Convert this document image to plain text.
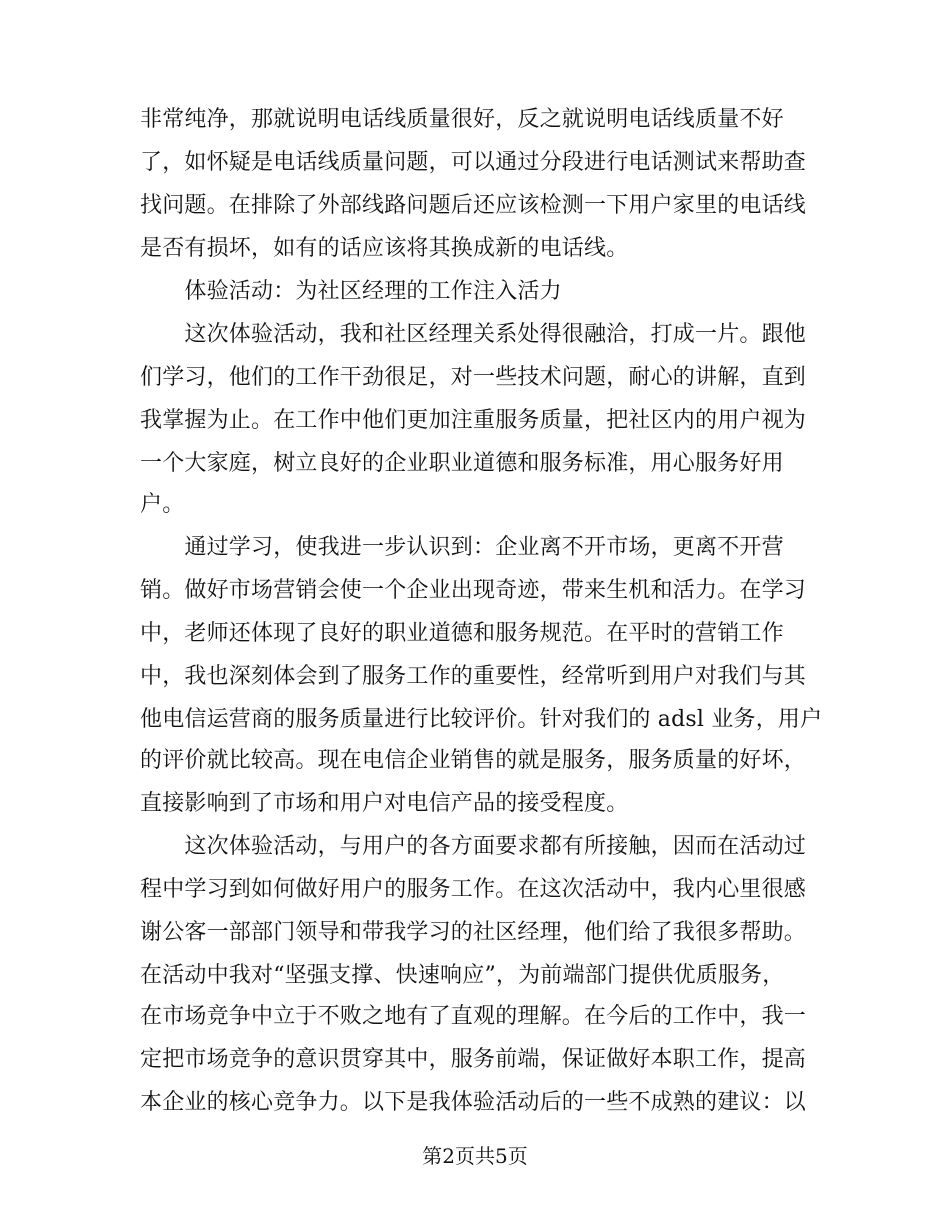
非常纯净，那就说明电话线质量很好，反之就说明电话线质量不好
了，如怀疑是电话线质量问题，可以通过分段进行电话测试来帮助查
找问题。在排除了外部线路问题后还应该检测一下用户家里的电话线
是否有损坏，如有的话应该将其换成新的电话线。
　　体验活动：为社区经理的工作注入活力
　　这次体验活动，我和社区经理关系处得很融洽，打成一片。跟他
们学习，他们的工作干劲很足，对一些技术问题，耐心的讲解，直到
我掌握为止。在工作中他们更加注重服务质量，把社区内的用户视为
一个大家庭，树立良好的企业职业道德和服务标准，用心服务好用
户。
　　通过学习，使我进一步认识到：企业离不开市场，更离不开营
销。做好市场营销会使一个企业出现奇迹，带来生机和活力。在学习
中，老师还体现了良好的职业道德和服务规范。在平时的营销工作
中，我也深刻体会到了服务工作的重要性，经常听到用户对我们与其
他电信运营商的服务质量进行比较评价。针对我们的 adsl 业务，用户
的评价就比较高。现在电信企业销售的就是服务，服务质量的好坏，
直接影响到了市场和用户对电信产品的接受程度。
　　这次体验活动，与用户的各方面要求都有所接触，因而在活动过
程中学习到如何做好用户的服务工作。在这次活动中，我内心里很感
谢公客一部部门领导和带我学习的社区经理，他们给了我很多帮助。
在活动中我对“坚强支撑、快速响应”，为前端部门提供优质服务，
在市场竞争中立于不败之地有了直观的理解。在今后的工作中，我一
定把市场竞争的意识贯穿其中，服务前端，保证做好本职工作，提高
本企业的核心竞争力。以下是我体验活动后的一些不成熟的建议：以
第2页共5页
